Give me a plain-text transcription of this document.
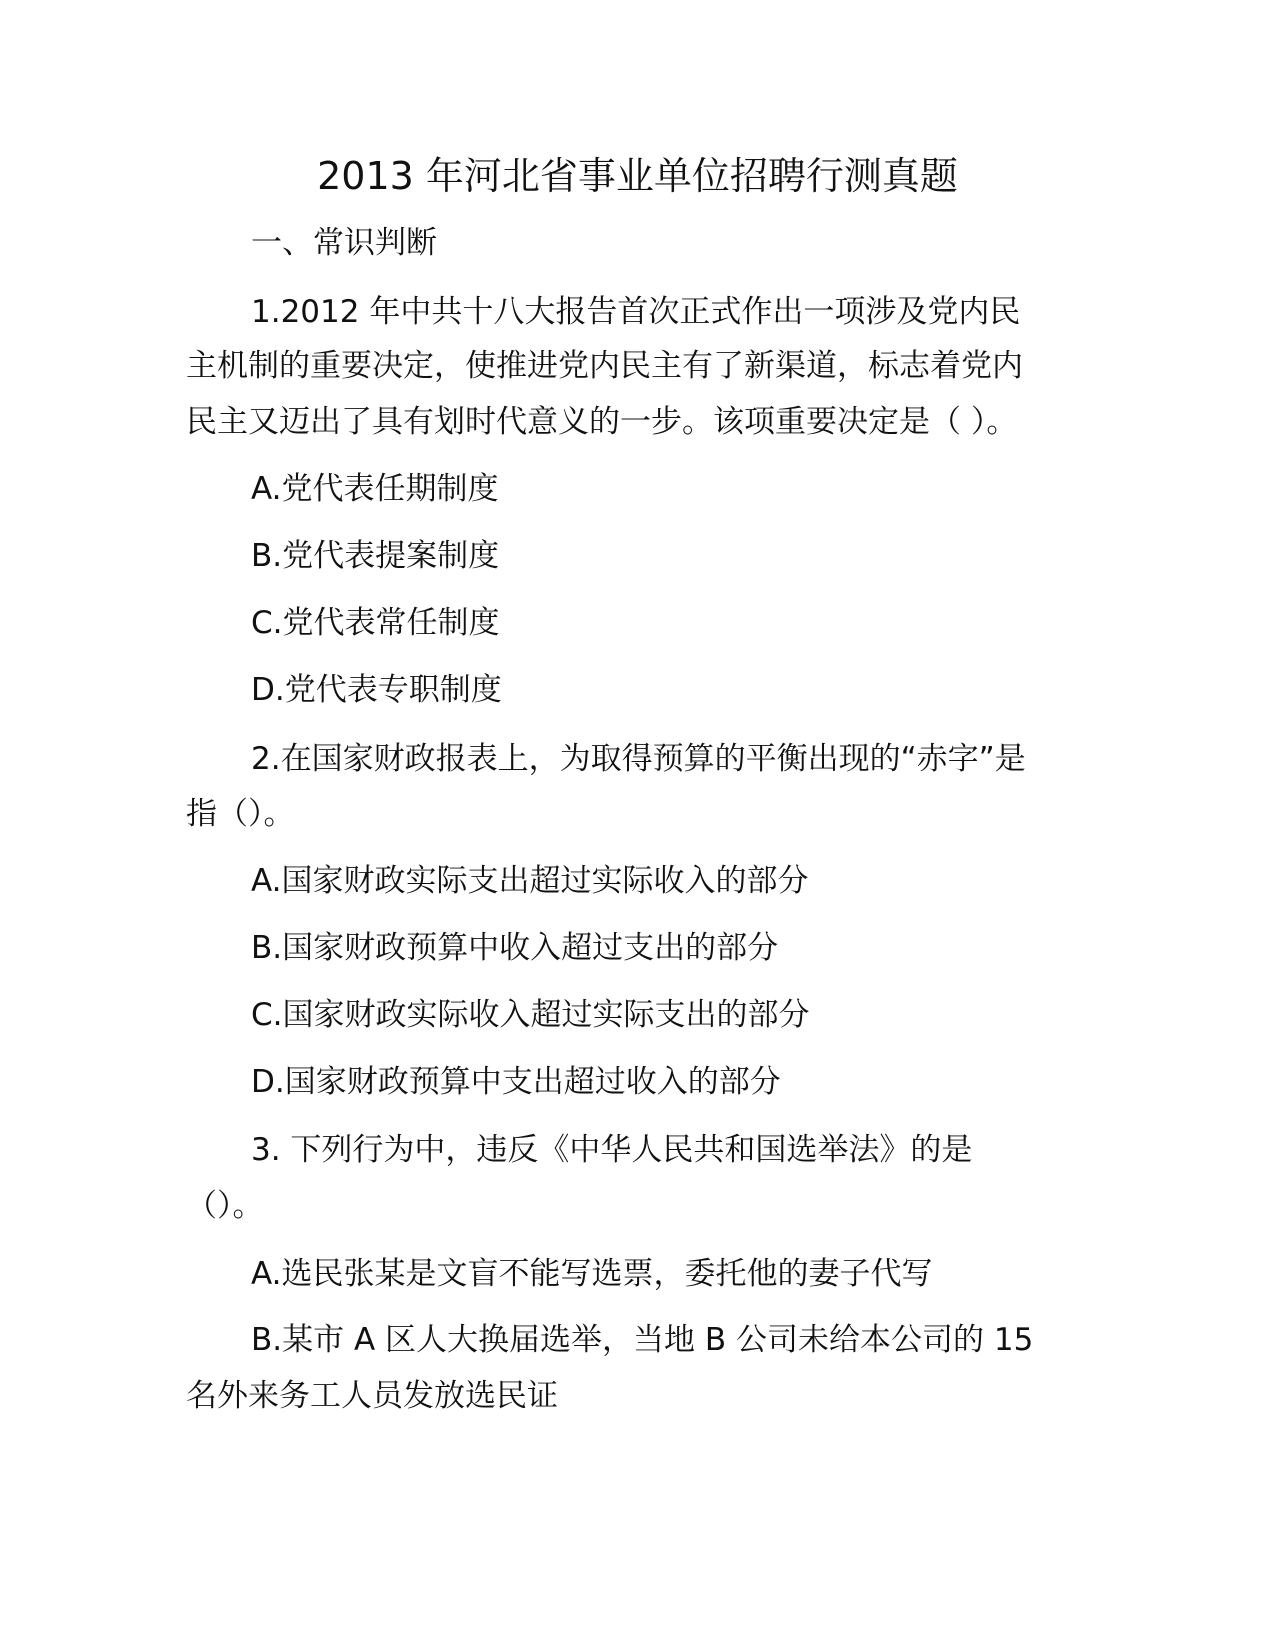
2013 年河北省事业单位招聘行测真题
一、常识判断
1.2012 年中共十八大报告首次正式作出一项涉及党内民
主机制的重要决定，使推进党内民主有了新渠道，标志着党内
民主又迈出了具有划时代意义的一步。该项重要决定是（ ）。
A.党代表任期制度
B.党代表提案制度
C.党代表常任制度
D.党代表专职制度
2.在国家财政报表上，为取得预算的平衡出现的“赤字”是
指（）。
A.国家财政实际支出超过实际收入的部分
B.国家财政预算中收入超过支出的部分
C.国家财政实际收入超过实际支出的部分
D.国家财政预算中支出超过收入的部分
3. 下列行为中，违反《中华人民共和国选举法》的是
（）。
A.选民张某是文盲不能写选票，委托他的妻子代写
B.某市 A 区人大换届选举，当地 B 公司未给本公司的 15
名外来务工人员发放选民证
